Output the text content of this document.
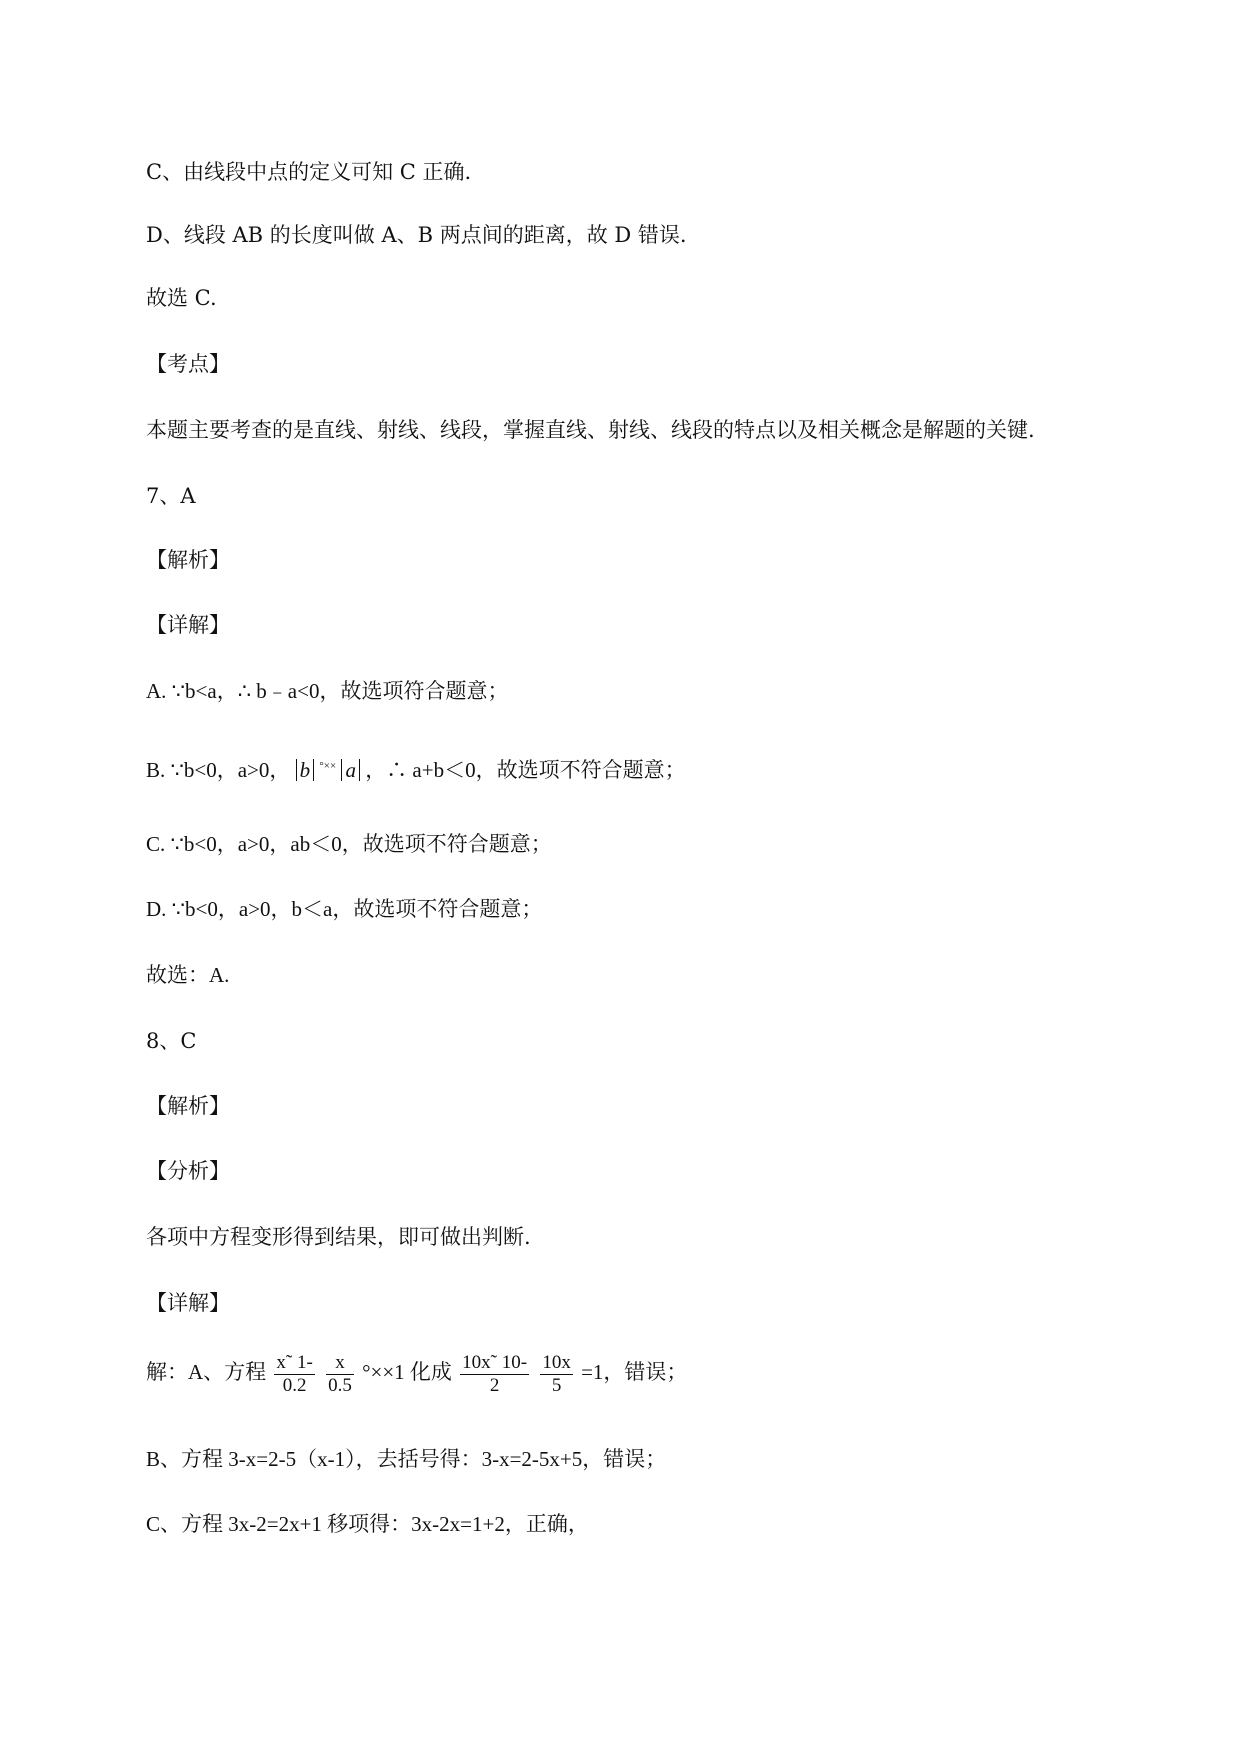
C、由线段中点的定义可知 C 正确.
D、线段 AB 的长度叫做 A、B 两点间的距离，故 D 错误.
故选 C.
【考点】
本题主要考查的是直线、射线、线段，掌握直线、射线、线段的特点以及相关概念是解题的关键.
7、A
【解析】
【详解】
A. ∵b<a，∴ b﹣a<0，故选项符合题意；
B. ∵b<0，a>0， b °×× a ，∴ a+b＜0，故选项不符合题意；
C. ∵b<0，a>0，ab＜0，故选项不符合题意；
D. ∵b<0，a>0，b＜a，故选项不符合题意；
故选：A.
8、C
【解析】
【分析】
各项中方程变形得到结果，即可做出判断.
【详解】
解：A、方程 $\frac{x˜ 1-}{0.2}$
$\frac{x}{0.5} ^\circ\times\times 1$ 化成 $\frac{10x˜ 10-}{2}$
$\frac{10x}{5} =1$，错误；
B、方程 3-x=2-5（x-1），去括号得：3-x=2-5x+5，错误；
C、方程 3x-2=2x+1 移项得：3x-2x=1+2，正确，
